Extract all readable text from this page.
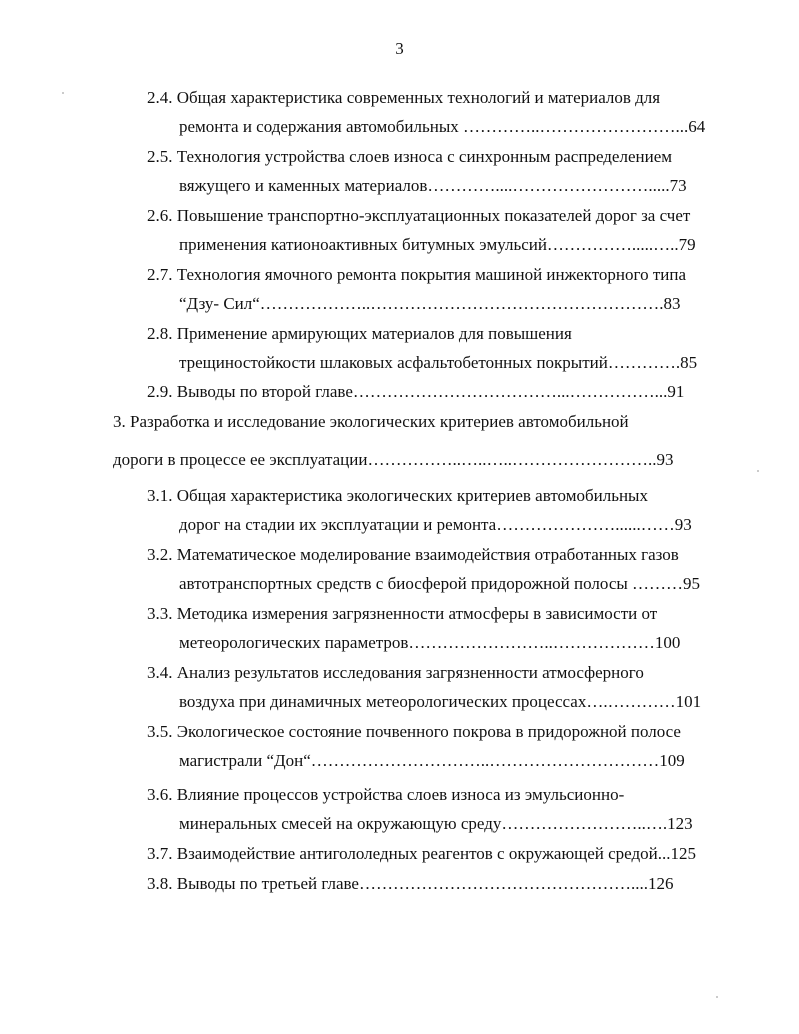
3
2.4. Общая характеристика современных технологий и материалов для
ремонта и содержания автомобильных …………..……………………...64
2.5. Технология устройства слоев износа с синхронным распределением
вяжущего и каменных материалов…………....…………………….....73
2.6. Повышение транспортно-эксплуатационных показателей дорог за счет
применения катионоактивных битумных эмульсий…………….....…..79
2.7. Технология ямочного ремонта покрытия машиной инжекторного типа
“Дзу- Сил“………………..…………………………………………….83
2.8. Применение армирующих материалов для повышения
трещиностойкости шлаковых асфальтобетонных покрытий………….85
2.9. Выводы по второй главе………………………………...……………...91
3. Разработка и исследование экологических критериев автомобильной
дороги в процессе ее эксплуатации……………..…..…..……………………..93
3.1. Общая характеристика экологических критериев автомобильных
дорог на стадии их эксплуатации и ремонта…………………......……93
3.2. Математическое моделирование взаимодействия отработанных газов
автотранспортных средств с биосферой придорожной полосы ………95
3.3. Методика измерения загрязненности атмосферы в зависимости от
метеорологических параметров……………………..………………100
3.4. Анализ результатов исследования загрязненности атмосферного
воздуха при динамичных метеорологических процессах….…………101
3.5. Экологическое состояние почвенного покрова в придорожной полосе
магистрали “Дон“…………………………..…………………………109
3.6. Влияние процессов устройства слоев износа из эмульсионно-
минеральных смесей на окружающую среду……………………..….123
3.7. Взаимодействие антигололедных реагентов с окружающей средой...125
3.8. Выводы по третьей главе…………………………………………....126
